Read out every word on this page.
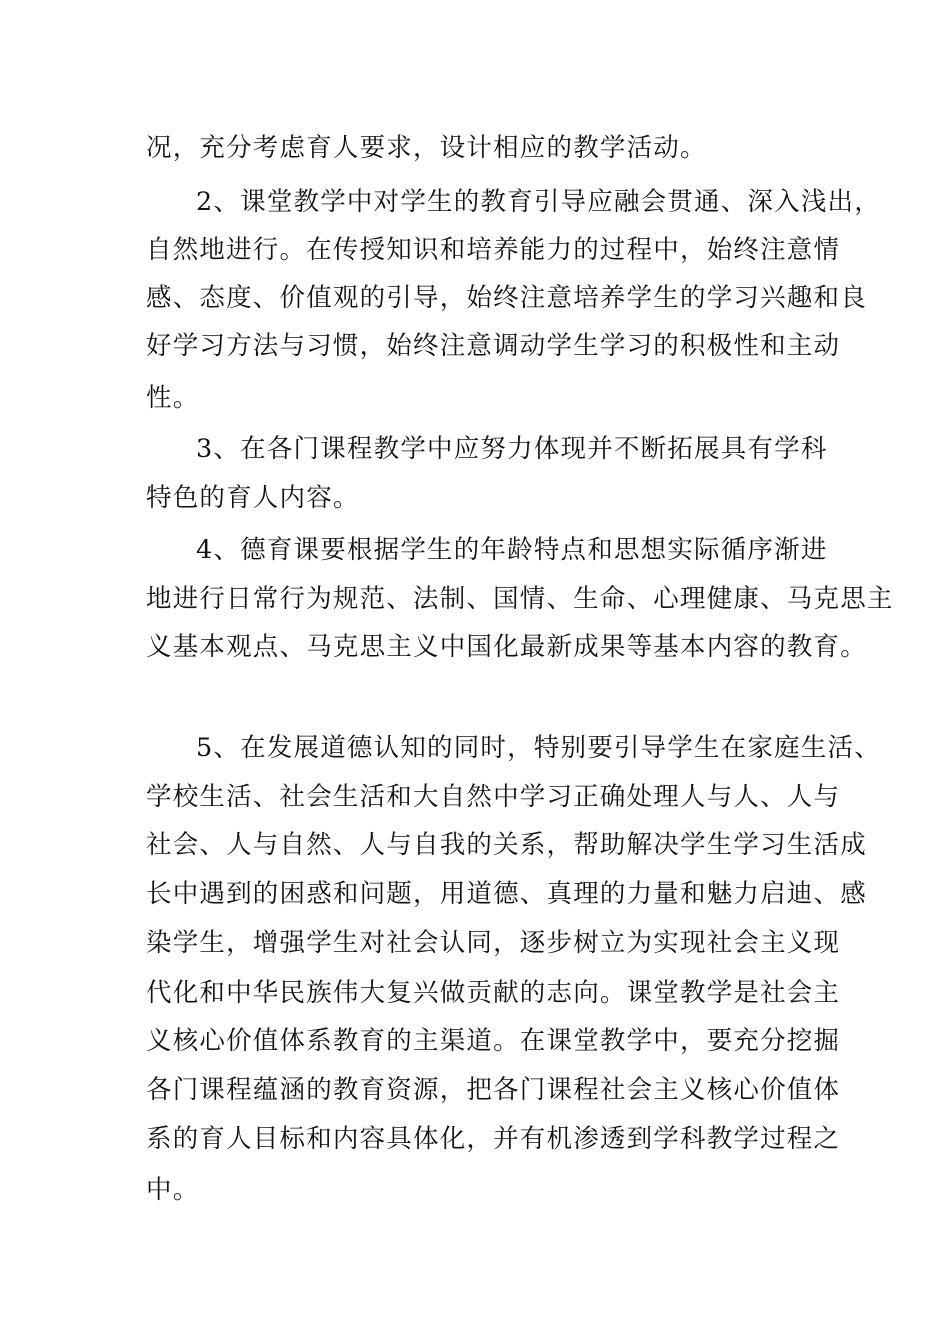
况，充分考虑育人要求，设计相应的教学活动。
2、课堂教学中对学生的教育引导应融会贯通、深入浅出，
自然地进行。在传授知识和培养能力的过程中，始终注意情
感、态度、价值观的引导，始终注意培养学生的学习兴趣和良
好学习方法与习惯，始终注意调动学生学习的积极性和主动
性。
3、在各门课程教学中应努力体现并不断拓展具有学科
特色的育人内容。
4、德育课要根据学生的年龄特点和思想实际循序渐进
地进行日常行为规范、法制、国情、生命、心理健康、马克思主
义基本观点、马克思主义中国化最新成果等基本内容的教育。
5、在发展道德认知的同时，特别要引导学生在家庭生活、
学校生活、社会生活和大自然中学习正确处理人与人、人与
社会、人与自然、人与自我的关系，帮助解决学生学习生活成
长中遇到的困惑和问题，用道德、真理的力量和魅力启迪、感
染学生，增强学生对社会认同，逐步树立为实现社会主义现
代化和中华民族伟大复兴做贡献的志向。课堂教学是社会主
义核心价值体系教育的主渠道。在课堂教学中，要充分挖掘
各门课程蕴涵的教育资源，把各门课程社会主义核心价值体
系的育人目标和内容具体化，并有机渗透到学科教学过程之
中。
